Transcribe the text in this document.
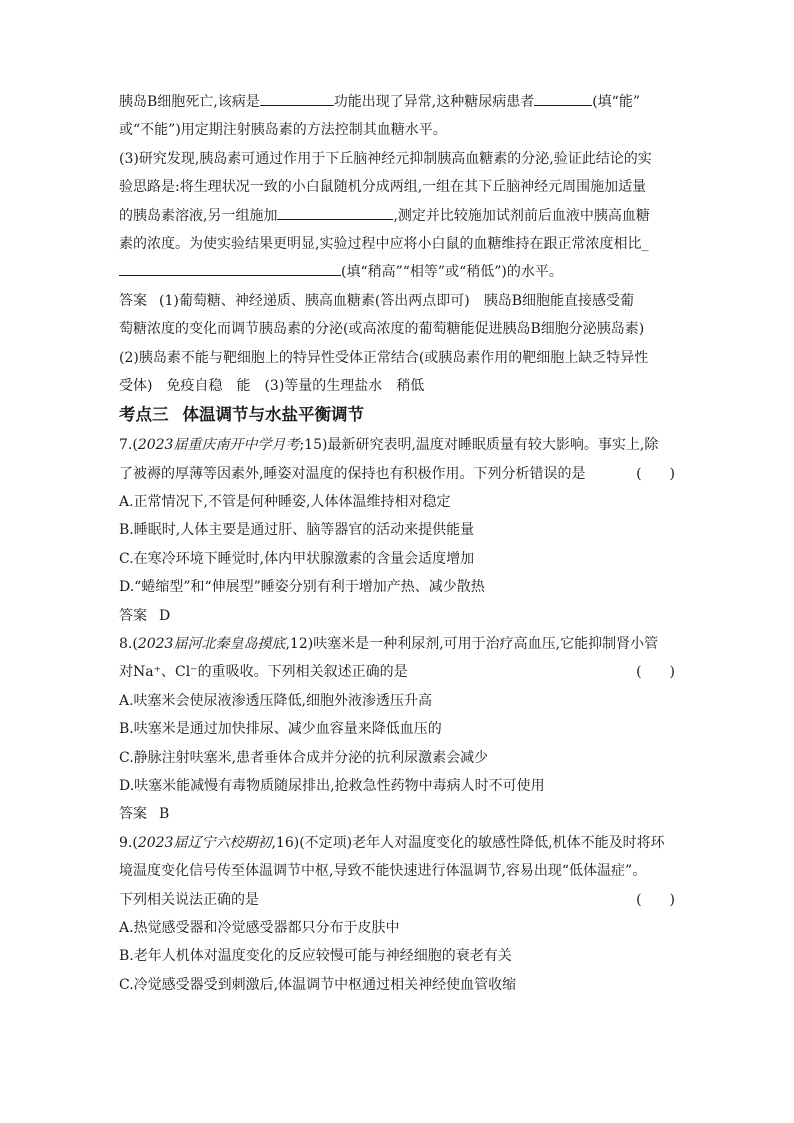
胰岛B细胞死亡,该病是	功能出现了异常,这种糖尿病患者	(填“能”
或“不能”)用定期注射胰岛素的方法控制其血糖水平。
(3)研究发现,胰岛素可通过作用于下丘脑神经元抑制胰高血糖素的分泌,验证此结论的实
验思路是:将生理状况一致的小白鼠随机分成两组,一组在其下丘脑神经元周围施加适量
的胰岛素溶液,另一组施加	,测定并比较施加试剂前后血液中胰高血糖
素的浓度。为使实验结果更明显,实验过程中应将小白鼠的血糖维持在跟正常浓度相比_
(填“稍高”“相等”或“稍低”)的水平。
答案 (1)葡萄糖、神经递质、胰高血糖素(答出两点即可) 胰岛B细胞能直接感受葡
萄糖浓度的变化而调节胰岛素的分泌(或高浓度的葡萄糖能促进胰岛B细胞分泌胰岛素)
(2)胰岛素不能与靶细胞上的特异性受体正常结合(或胰岛素作用的靶细胞上缺乏特异性
受体) 免疫自稳 能 (3)等量的生理盐水 稍低
考点三 体温调节与水盐平衡调节
7.(2023届重庆南开中学月考;15)最新研究表明,温度对睡眠质量有较大影响。事实上,除
了被褥的厚薄等因素外,睡姿对温度的保持也有积极作用。下列分析错误的是	(　　)
A.正常情况下,不管是何种睡姿,人体体温维持相对稳定
B.睡眠时,人体主要是通过肝、脑等器官的活动来提供能量
C.在寒冷环境下睡觉时,体内甲状腺激素的含量会适度增加
D.“蜷缩型”和“伸展型”睡姿分别有利于增加产热、减少散热
答案 D
8.(2023届河北秦皇岛摸底,12)呋塞米是一种利尿剂,可用于治疗高血压,它能抑制肾小管
对Na⁺、Cl⁻的重吸收。下列相关叙述正确的是	(　　)
A.呋塞米会使尿液渗透压降低,细胞外液渗透压升高
B.呋塞米是通过加快排尿、减少血容量来降低血压的
C.静脉注射呋塞米,患者垂体合成并分泌的抗利尿激素会减少
D.呋塞米能减慢有毒物质随尿排出,抢救急性药物中毒病人时不可使用
答案 B
9.(2023届辽宁六校期初,16)(不定项)老年人对温度变化的敏感性降低,机体不能及时将环
境温度变化信号传至体温调节中枢,导致不能快速进行体温调节,容易出现“低体温症”。
下列相关说法正确的是	(　　)
A.热觉感受器和冷觉感受器都只分布于皮肤中
B.老年人机体对温度变化的反应较慢可能与神经细胞的衰老有关
C.冷觉感受器受到刺激后,体温调节中枢通过相关神经使血管收缩
